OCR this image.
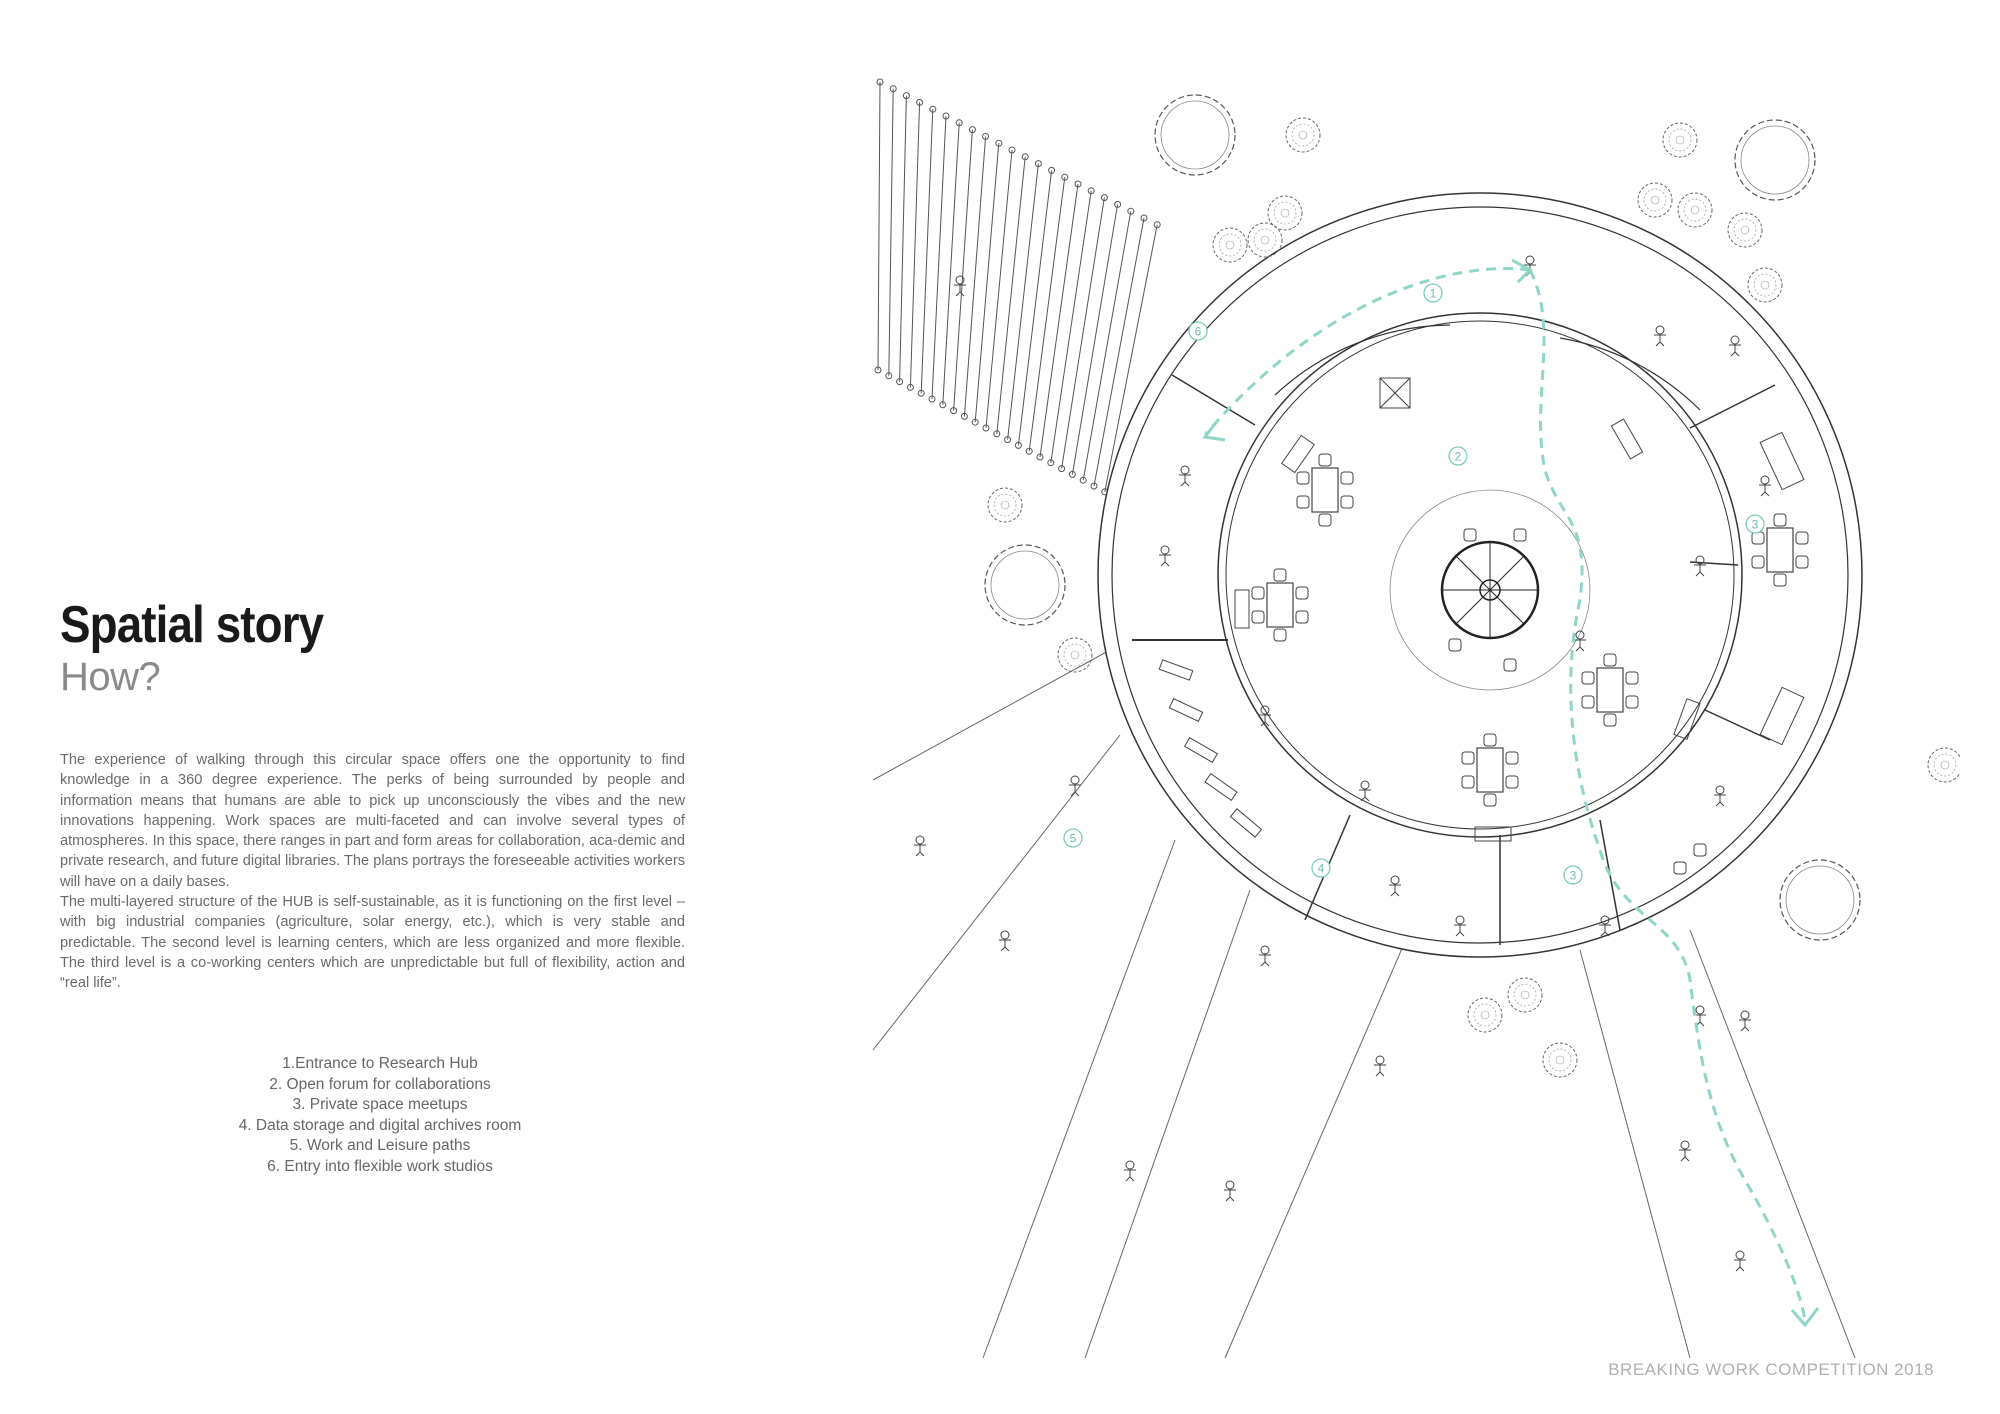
Spatial story
How?

The experience of walking through this circular space offers one the opportunity to find knowledge in a 360 degree experience. The perks of being surrounded by people and information means that humans are able to pick up unconsciously the vibes and the new innovations happening. Work spaces are multi-faceted and can involve several types of atmospheres. In this space, there ranges in part and form areas for collaboration, aca-demic and private research, and future digital libraries. The plans portrays the foreseeable activities workers will have on a daily bases.

The multi-layered structure of the HUB is self-sustainable, as it is functioning on the first level – with big industrial companies (agriculture, solar energy, etc.), which is very stable and predictable. The second level is learning centers, which are less organized and more flexible. The third level is a co-working centers which are unpredictable but full of flexibility, action and “real life”.

1.Entrance to Research Hub
2. Open forum for collaborations
3. Private space meetups
4. Data storage and digital archives room
5. Work and Leisure paths
6. Entry into flexible work studios
1
2
3
3
4
5
6
BREAKING WORK COMPETITION 2018
